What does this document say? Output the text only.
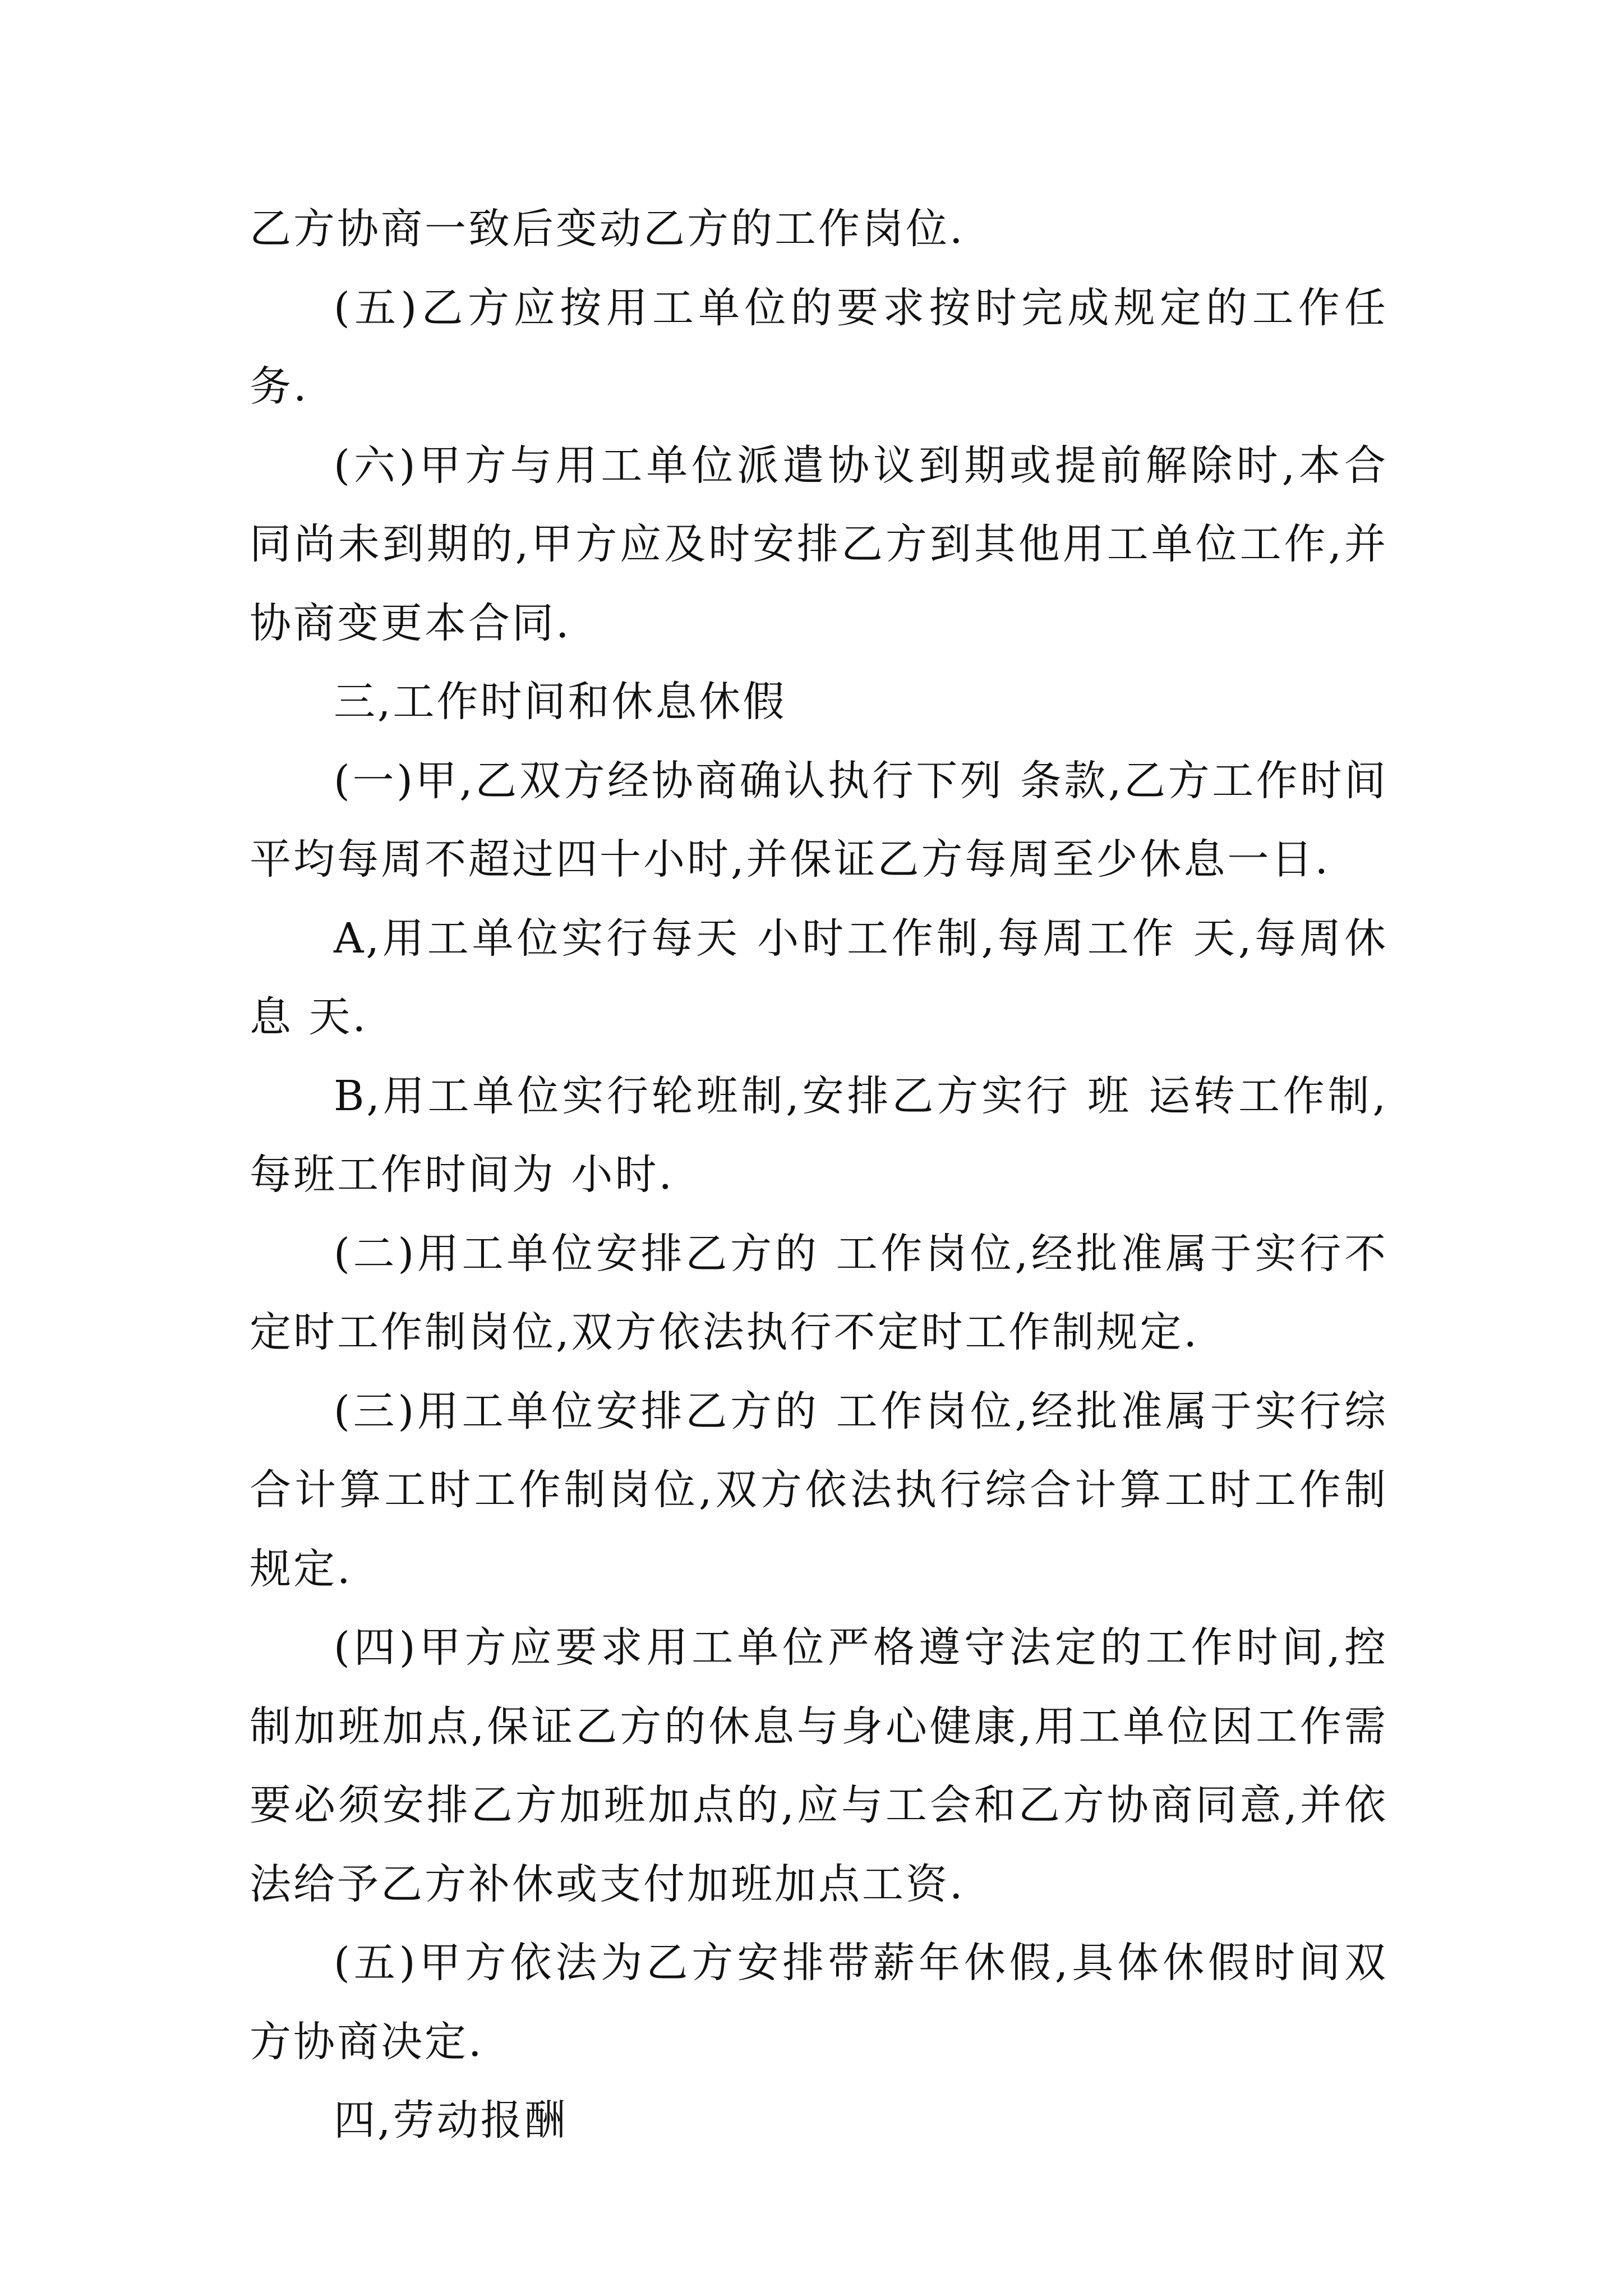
乙方协商一致后变动乙方的工作岗位.

(五)乙方应按用工单位的要求按时完成规定的工作任务.

(六)甲方与用工单位派遣协议到期或提前解除时,本合同尚未到期的,甲方应及时安排乙方到其他用工单位工作,并协商变更本合同.

三,工作时间和休息休假

(一)甲,乙双方经协商确认执行下列 条款,乙方工作时间平均每周不超过四十小时,并保证乙方每周至少休息一日.

A,用工单位实行每天 小时工作制,每周工作 天,每周休息 天.

B,用工单位实行轮班制,安排乙方实行 班 运转工作制,每班工作时间为 小时.

(二)用工单位安排乙方的 工作岗位,经批准属于实行不定时工作制岗位,双方依法执行不定时工作制规定.

(三)用工单位安排乙方的 工作岗位,经批准属于实行综合计算工时工作制岗位,双方依法执行综合计算工时工作制规定.

(四)甲方应要求用工单位严格遵守法定的工作时间,控制加班加点,保证乙方的休息与身心健康,用工单位因工作需要必须安排乙方加班加点的,应与工会和乙方协商同意,并依法给予乙方补休或支付加班加点工资.

(五)甲方依法为乙方安排带薪年休假,具体休假时间双方协商决定.

四,劳动报酬
